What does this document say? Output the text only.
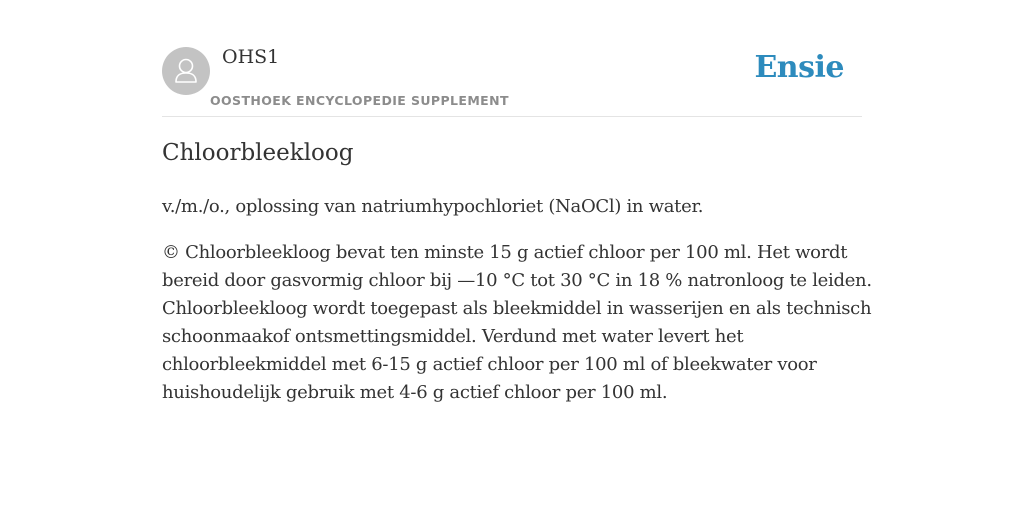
OHS1
OOSTHOEK ENCYCLOPEDIE SUPPLEMENT
Ensie
Chloorbleekloog

v./m./o., oplossing van natriumhypochloriet (NaOCl) in water.

© Chloorbleekloog bevat ten minste 15 g actief chloor per 100 ml. Het wordt
bereid door gasvormig chloor bij —10 °C tot 30 °C in 18 % natronloog te leiden.
Chloorbleekloog wordt toegepast als bleekmiddel in wasserijen en als technisch
schoonmaakof ontsmettingsmiddel. Verdund met water levert het
chloorbleekmiddel met 6-15 g actief chloor per 100 ml of bleekwater voor
huishoudelijk gebruik met 4-6 g actief chloor per 100 ml.
